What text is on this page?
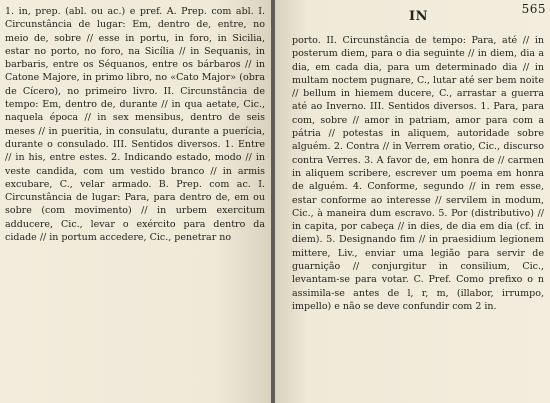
1. in, prep. (abl. ou ac.) e pref. A. Prep. com abl. I. Circunstância de lugar: Em, dentro de, entre, no meio de, sobre // esse in portu, in foro, in Sicilia, estar no porto, no foro, na Sicília // in Sequanis, in barbaris, entre os Séquanos, entre os bárbaros // in Catone Majore, in primo libro, no «Cato Major» (obra de Cícero), no primeiro livro. II. Circunstância de tempo: Em, dentro de, durante // in qua aetate, Cic., naquela época // in sex mensibus, dentro de seis meses // in pueritia, in consulatu, durante a puerícia, durante o consulado. III. Sentidos diversos. 1. Entre // in his, entre estes. 2. Indicando estado, modo // in veste candida, com um vestido branco // in armis excubare, C., velar armado. B. Prep. com ac. I. Circunstância de lugar: Para, para dentro de, em ou sobre (com movimento) // in urbem exercitum adducere, Cic., levar o exército para dentro da cidade // in portum accedere, Cic., penetrar no

IN	565

porto. II. Circunstância de tempo: Para, até // in posterum diem, para o dia seguinte // in diem, dia a dia, em cada dia, para um determinado dia // in multam noctem pugnare, C., lutar até ser bem noite // bellum in hiemem ducere, C., arrastar a guerra até ao Inverno. III. Sentidos diversos. 1. Para, para com, sobre // amor in patriam, amor para com a pátria // potestas in aliquem, autoridade sobre alguém. 2. Contra // in Verrem oratio, Cic., discurso contra Verres. 3. A favor de, em honra de // carmen in aliquem scribere, escrever um poema em honra de alguém. 4. Conforme, segundo // in rem esse, estar conforme ao interesse // servilem in modum, Cic., à maneira dum escravo. 5. Por (distributivo) // in capita, por cabeça // in dies, de dia em dia (cf. in diem). 5. Designando fim // in praesidium legionem mittere, Liv., enviar uma legião para servir de guarnição // conjurgitur in consilium, Cic., levantam-se para votar. C. Pref. Como prefixo o n assimila-se antes de l, r, m, (illabor, irrumpo, impello) e não se deve confundir com 2 in.
